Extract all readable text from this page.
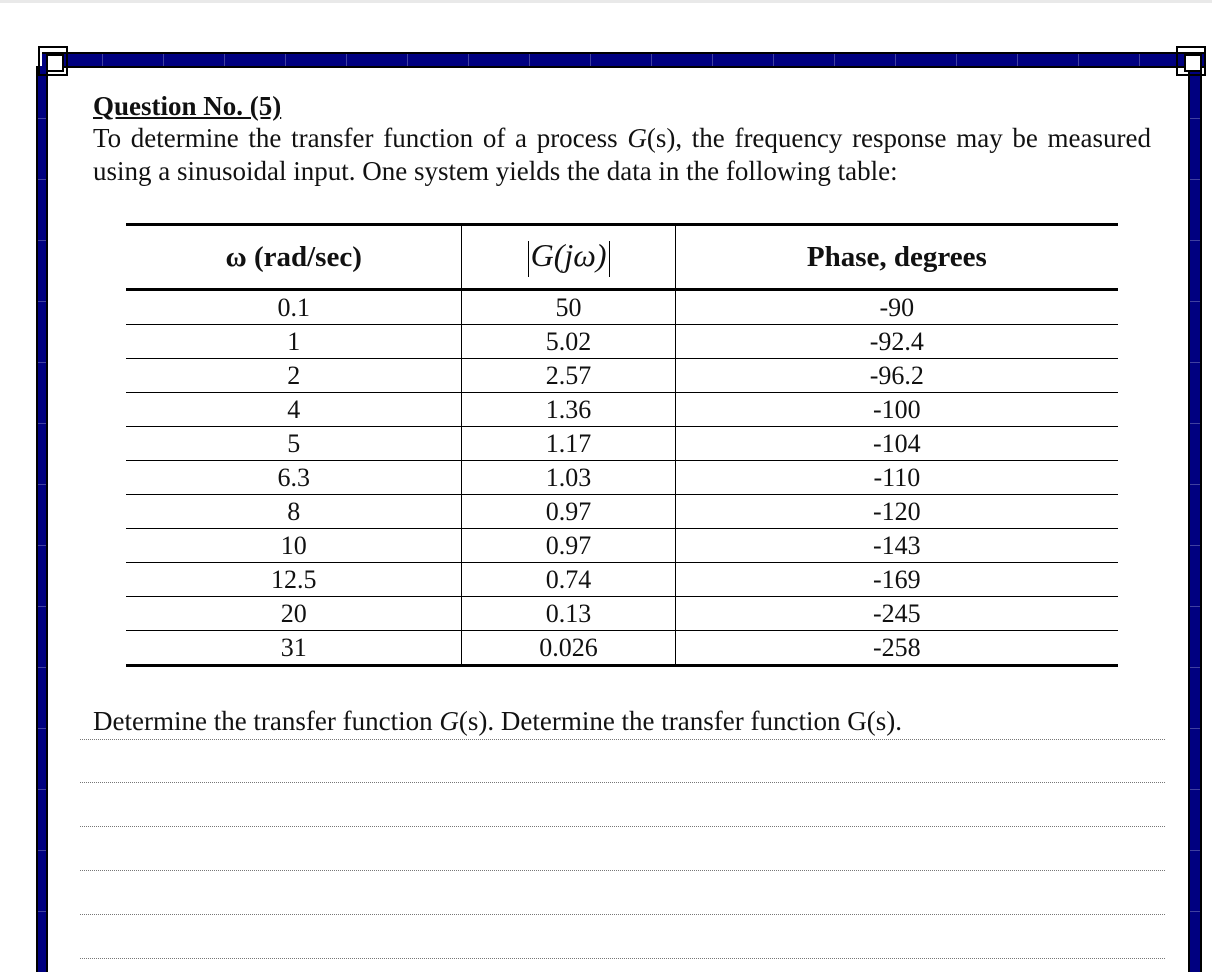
Question No. (5)

To determine the transfer function of a process G(s), the frequency response may be measured using a sinusoidal input. One system yields the data in the following table:

ω (rad/sec)	G(jω)	Phase, degrees
0.1	50	-90
1	5.02	-92.4
2	2.57	-96.2
4	1.36	-100
5	1.17	-104
6.3	1.03	-110
8	0.97	-120
10	0.97	-143
12.5	0.74	-169
20	0.13	-245
31	0.026	-258
Determine the transfer function G(s). Determine the transfer function G(s).
